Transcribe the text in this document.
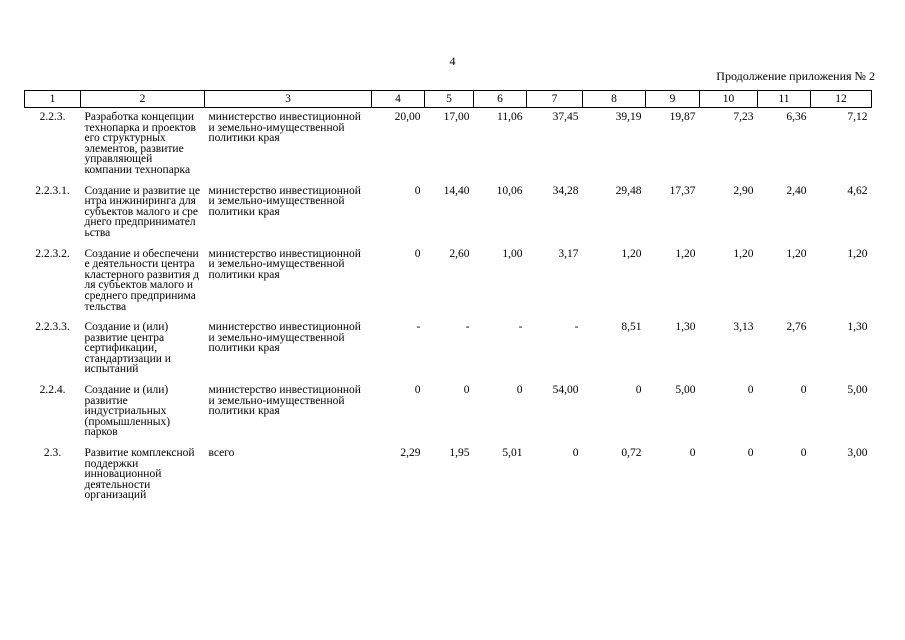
4
Продолжение приложения № 2
1	2	3	4	5	6	7	8	9	10	11	12
2.2.3.	Разработка концепции технопарка и проектов его структурных элементов, развитие управляющей компании технопарка	министерство инвестиционной и земельно-имущественной политики края	20,00	17,00	11,06	37,45	39,19	19,87	7,23	6,36	7,12
2.2.3.1.	Создание и развитие центра инжиниринга для субъектов малого и среднего предпринимательства	министерство инвестиционной и земельно-имущественной политики края	0	14,40	10,06	34,28	29,48	17,37	2,90	2,40	4,62
2.2.3.2.	Создание и обеспечение деятельности центра кластерного развития для субъектов малого и среднего предпринимательства	министерство инвестиционной и земельно-имущественной политики края	0	2,60	1,00	3,17	1,20	1,20	1,20	1,20	1,20
2.2.3.3.	Создание и (или) развитие центра сертификации, стандартизации и испытаний	министерство инвестиционной и земельно-имущественной политики края	-	-	-	-	8,51	1,30	3,13	2,76	1,30
2.2.4.	Создание и (или) развитие индустриальных (промышленных) парков	министерство инвестиционной и земельно-имущественной политики края	0	0	0	54,00	0	5,00	0	0	5,00
2.3.	Развитие комплексной поддержки инновационной деятельности организаций	всего	2,29	1,95	5,01	0	0,72	0	0	0	3,00
